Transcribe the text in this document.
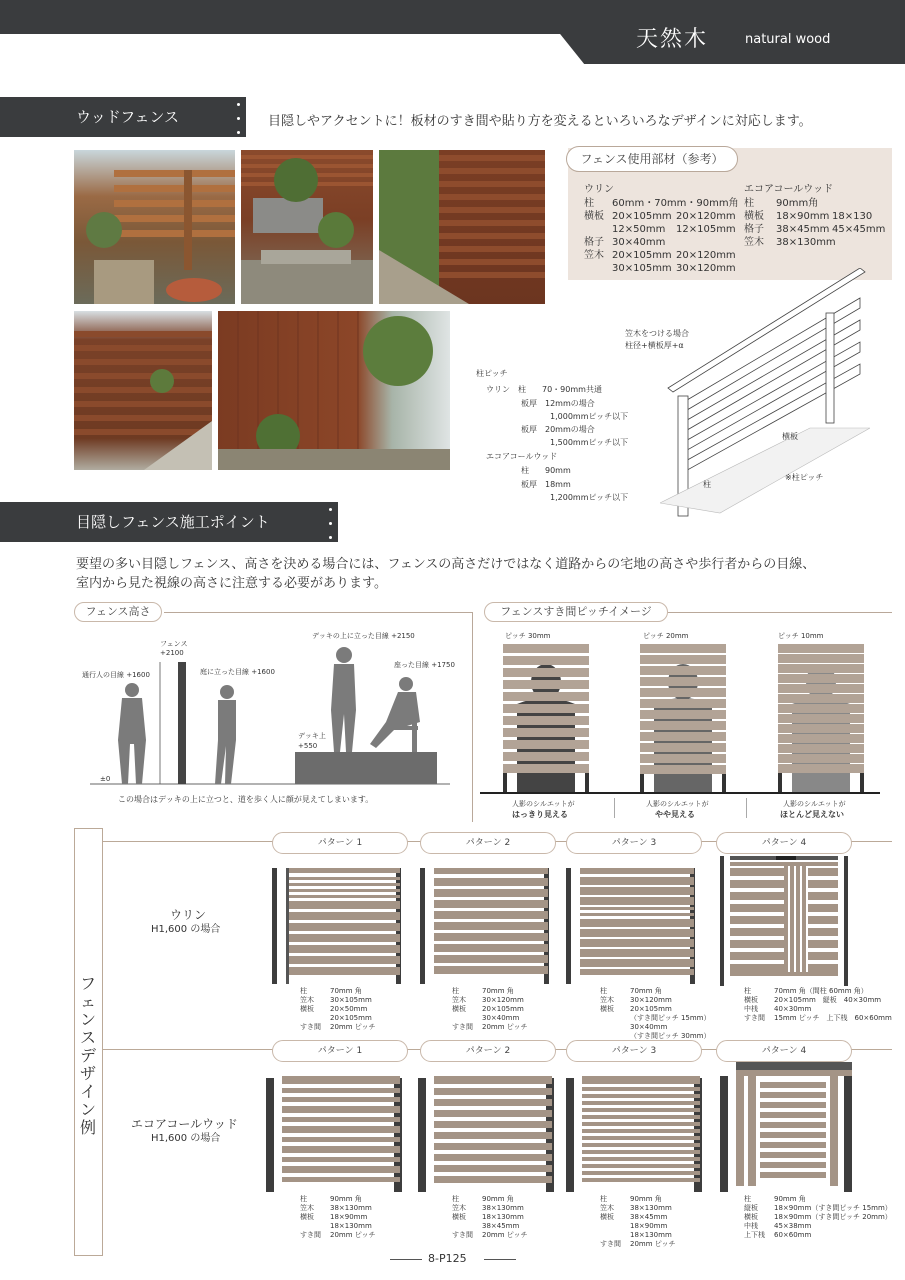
天然木	natural wood
ウッドフェンス	目隠しやアクセントに！板材のすき間や貼り方を変えるといろいろなデザインに対応します。
フェンス使用部材（参考）
ウリン
柱	60mm・70mm・90mm角
横板 20×105mm 20×120mm
12×50mm	12×105mm
格子 30×40mm
笠木 20×105mm 20×120mm
30×105mm 30×120mm
エコアコールウッド
柱	90mm角
横板	18×90mm 18×130
格子	38×45mm 45×45mm
笠木	38×130mm
柱ピッチ
ウリン　柱　　70・90mm共通
板厚　12mmの場合
1,000mmピッチ以下
板厚　20mmの場合
1,500mmピッチ以下
エコアコールウッド
柱　　90mm
板厚　18mm
1,200mmピッチ以下
笠木をつける場合
柱径+横板厚+α
横板
柱
※柱ピッチ
目隠しフェンス施工ポイント
要望の多い目隠しフェンス、高さを決める場合には、フェンスの高さだけではなく道路からの宅地の高さや歩行者からの目線、
室内から見た視線の高さに注意する必要があります。
フェンス高さ
フェンス
+2100
通行人の目線 +1600	庭に立った目線 +1600
デッキの上に立った目線 +2150
座った目線 +1750
デッキ上
+550
±0
この場合はデッキの上に立つと、道を歩く人に顔が見えてしまいます。
フェンスすき間ピッチイメージ
ピッチ 30mm	ピッチ 20mm	ピッチ 10mm
人影のシルエットが
はっきり見える
人影のシルエットが
やや見える
人影のシルエットが
ほとんど見えない
フェンスデザイン例
ウリン
H1,600 の場合
エコアコールウッド
H1,600 の場合
パターン 1	パターン 2	パターン 3	パターン 4
柱	70mm 角
笠木	30×105mm
横板	20×50mm
20×105mm
すき間	20mm ピッチ
柱	70mm 角
笠木	30×120mm
横板	20×105mm
30×40mm
すき間	20mm ピッチ
柱	70mm 角
笠木	30×120mm
横板	20×105mm
（すき間ピッチ 15mm）
30×40mm
（すき間ピッチ 30mm）
柱	70mm 角（間柱 60mm 角）
横板	20×105mm　縦板　40×30mm
中桟	40×30mm
すき間	15mm ピッチ　上下桟　60×60mm
パターン 1	パターン 2	パターン 3	パターン 4
柱	90mm 角
笠木	38×130mm
横板	18×90mm
18×130mm
すき間	20mm ピッチ
柱	90mm 角
笠木	38×130mm
横板	18×130mm
38×45mm
すき間	20mm ピッチ
柱	90mm 角
笠木	38×130mm
横板	38×45mm
18×90mm
18×130mm
すき間	20mm ピッチ
柱	90mm 角
縦板	18×90mm（すき間ピッチ 15mm）
横板	18×90mm（すき間ピッチ 20mm）
中桟	45×38mm
上下桟	60×60mm
8-P125
